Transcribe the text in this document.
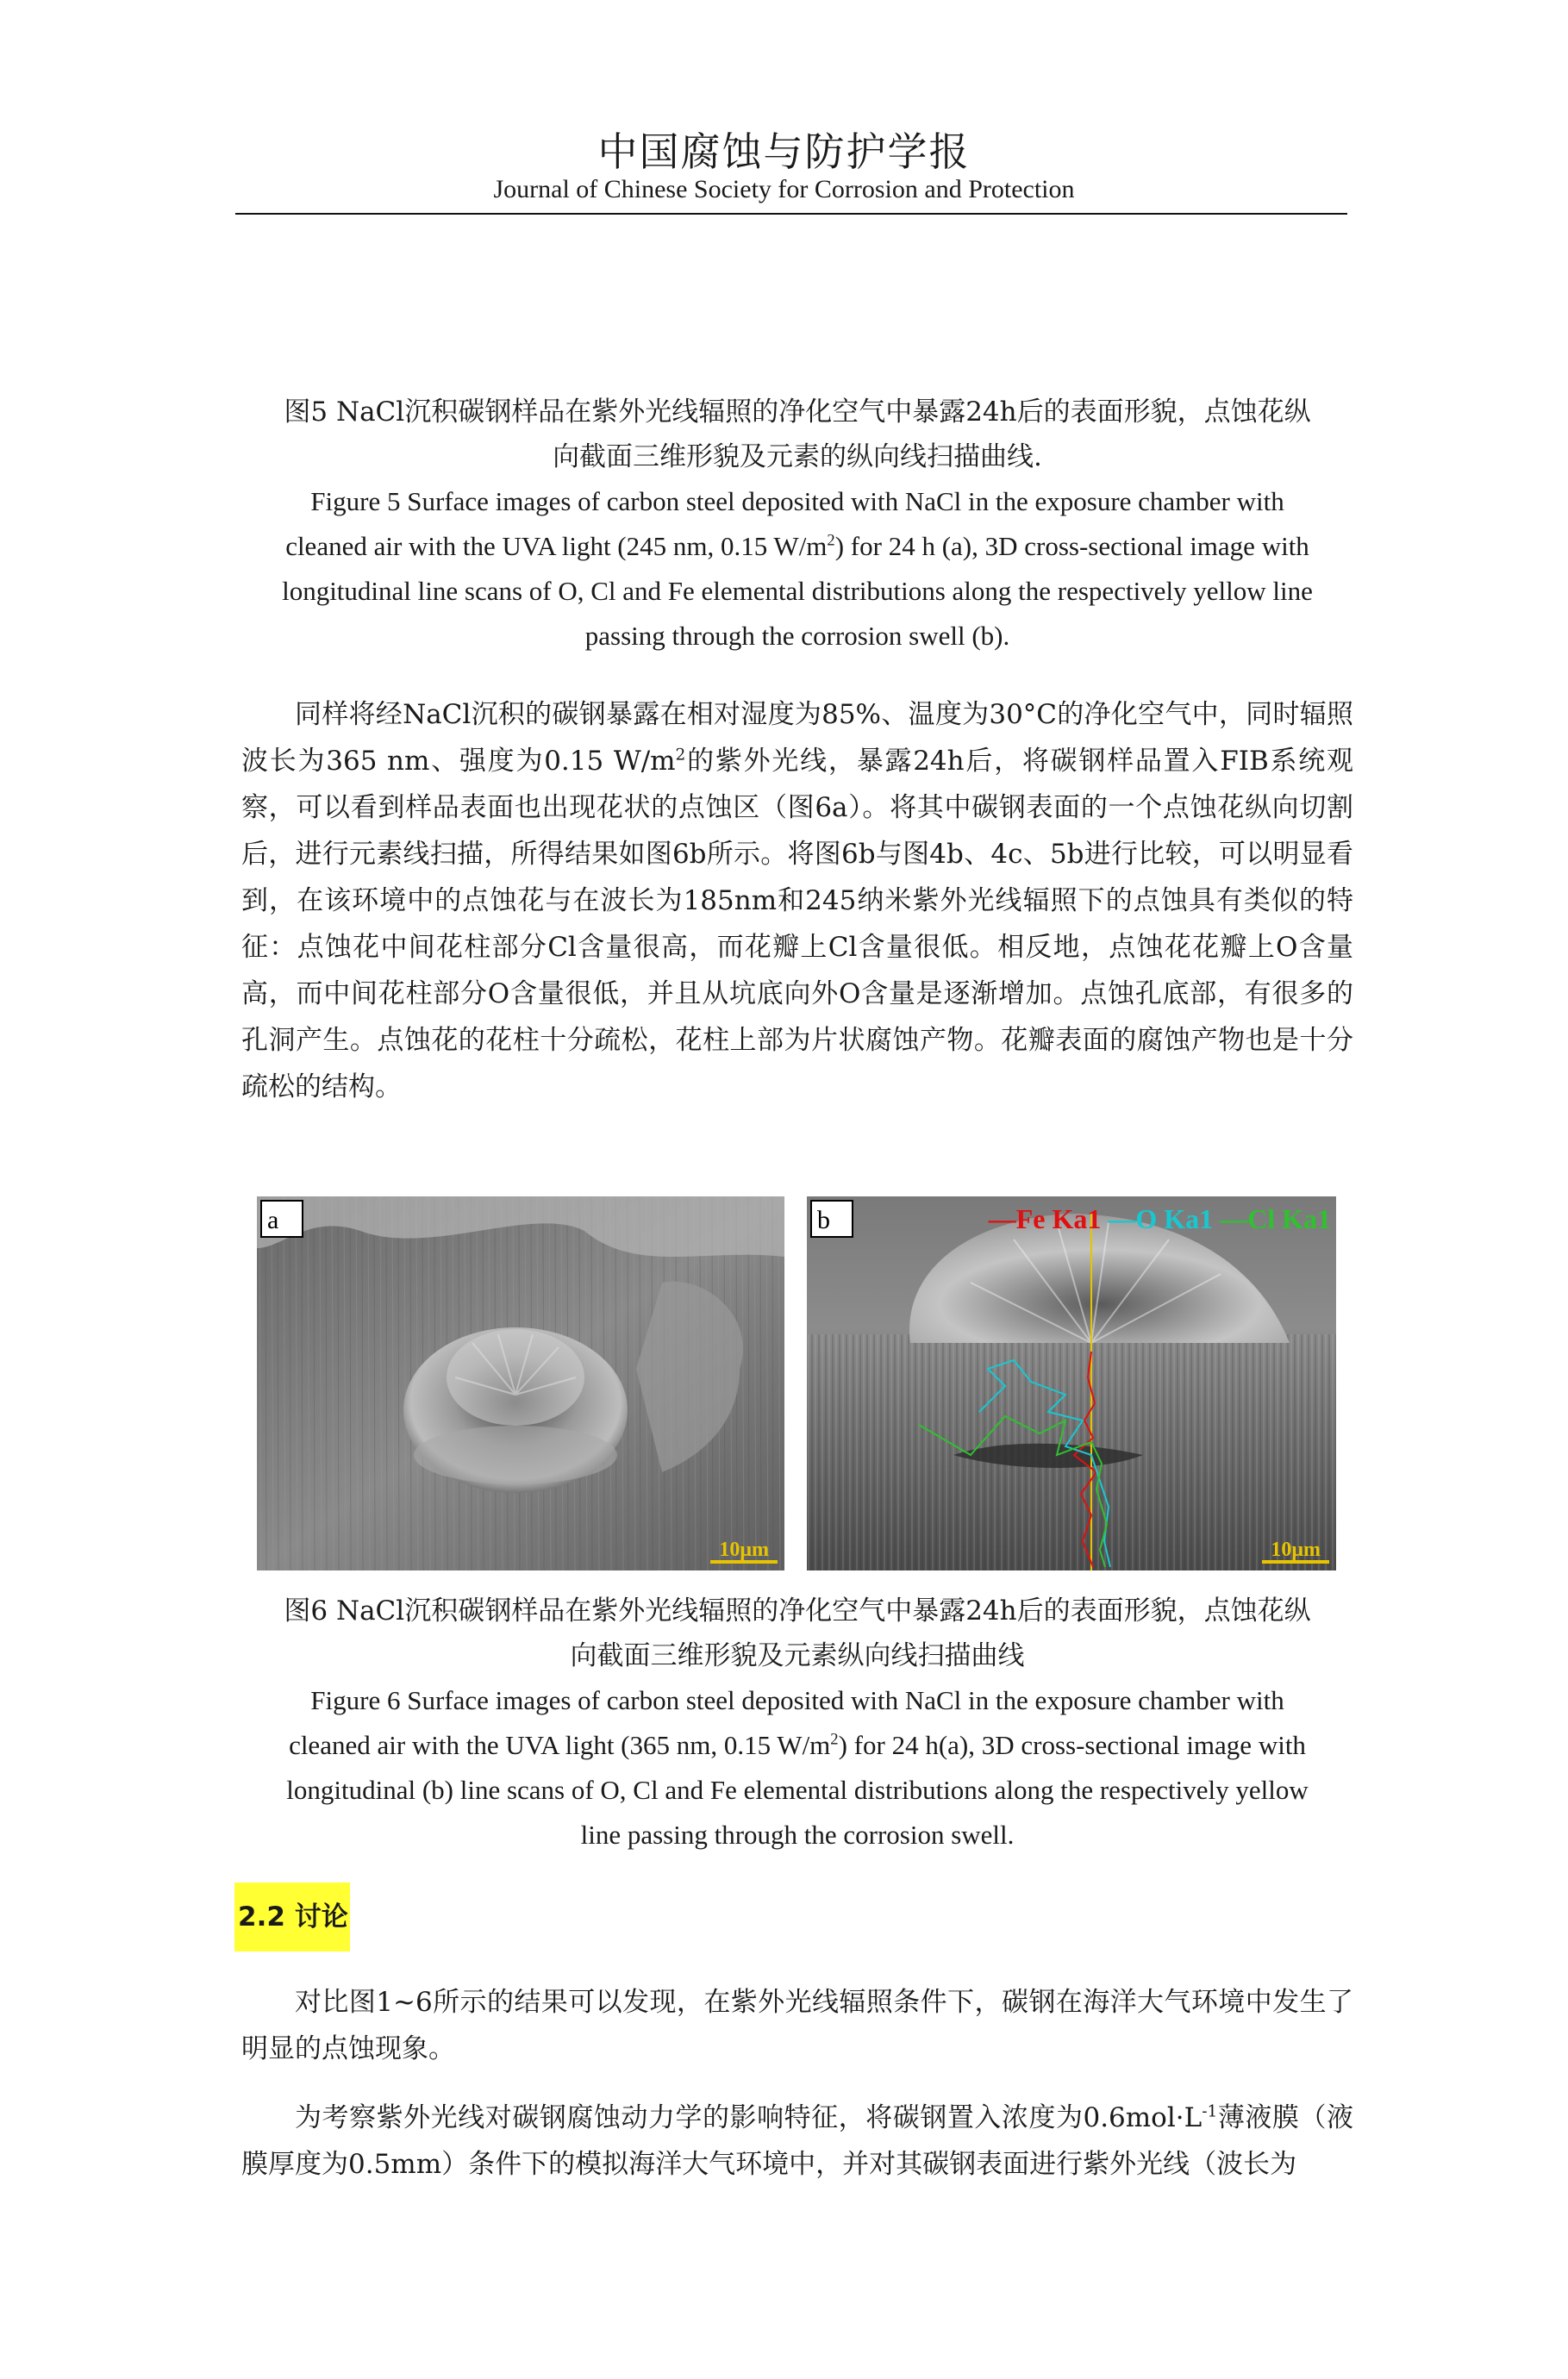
中国腐蚀与防护学报
Journal of Chinese Society for Corrosion and Protection
图5 NaCl沉积碳钢样品在紫外光线辐照的净化空气中暴露24h后的表面形貌，点蚀花纵
向截面三维形貌及元素的纵向线扫描曲线.
Figure 5 Surface images of carbon steel deposited with NaCl in the exposure chamber with
cleaned air with the UVA light (245 nm, 0.15 $W/m^2$) for 24 h (a), 3D cross-sectional image with
longitudinal line scans of O, Cl and Fe elemental distributions along the respectively yellow line
passing through the corrosion swell (b).
同样将经NaCl沉积的碳钢暴露在相对湿度为85%、温度为30°C的净化空气中，同时辐照波长为365 nm、强度为0.15 $W/m^2$的紫外光线，暴露24h后，将碳钢样品置入FIB系统观察，可以看到样品表面也出现花状的点蚀区（图6a）。将其中碳钢表面的一个点蚀花纵向切割后，进行元素线扫描，所得结果如图6b所示。将图6b与图4b、4c、5b进行比较，可以明显看到，在该环境中的点蚀花与在波长为185nm和245纳米紫外光线辐照下的点蚀具有类似的特征：点蚀花中间花柱部分Cl含量很高，而花瓣上Cl含量很低。相反地，点蚀花花瓣上O含量高，而中间花柱部分O含量很低，并且从坑底向外O含量是逐渐增加。点蚀孔底部，有很多的孔洞产生。点蚀花的花柱十分疏松，花柱上部为片状腐蚀产物。花瓣表面的腐蚀产物也是十分疏松的结构。
a
10μm
b	—Fe Ka1 —O Ka1 —Cl Ka1
10μm
图6 NaCl沉积碳钢样品在紫外光线辐照的净化空气中暴露24h后的表面形貌，点蚀花纵
向截面三维形貌及元素纵向线扫描曲线
Figure 6 Surface images of carbon steel deposited with NaCl in the exposure chamber with
cleaned air with the UVA light (365 nm, 0.15 $W/m^2$) for 24 h(a), 3D cross-sectional image with
longitudinal (b) line scans of O, Cl and Fe elemental distributions along the respectively yellow
line passing through the corrosion swell.
2.2 讨论
对比图1~6所示的结果可以发现，在紫外光线辐照条件下，碳钢在海洋大气环境中发生了明显的点蚀现象。
为考察紫外光线对碳钢腐蚀动力学的影响特征，将碳钢置入浓度为$0.6mol\cdot L^{-1}$薄液膜（液膜厚度为0.5mm）条件下的模拟海洋大气环境中，并对其碳钢表面进行紫外光线（波长为
